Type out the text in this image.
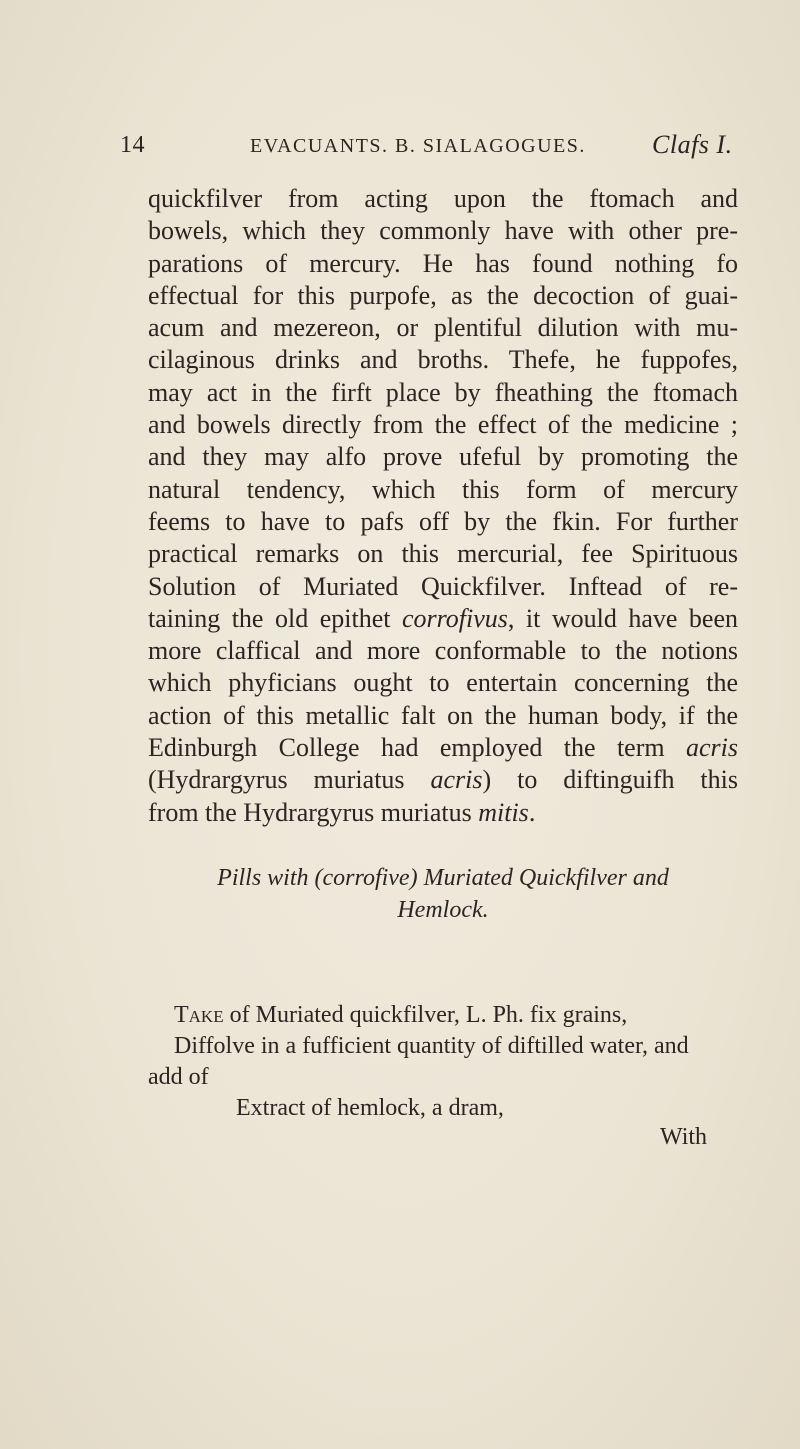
14	EVACUANTS. B. SIALAGOGUES.	Clafs I.
quickfilver from acting upon the ftomach and
bowels, which they commonly have with other pre-
parations of mercury. He has found nothing fo
effectual for this purpofe, as the decoction of guai-
acum and mezereon, or plentiful dilution with mu-
cilaginous drinks and broths. Thefe, he fuppofes,
may act in the firft place by fheathing the ftomach
and bowels directly from the effect of the medicine ;
and they may alfo prove ufeful by promoting the
natural tendency, which this form of mercury
feems to have to pafs off by the fkin. For further
practical remarks on this mercurial, fee Spirituous
Solution of Muriated Quickfilver. Inftead of re-
taining the old epithet corrofivus, it would have been
more claffical and more conformable to the notions
which phyficians ought to entertain concerning the
action of this metallic falt on the human body, if the
Edinburgh College had employed the term acris
(Hydrargyrus muriatus acris) to diftinguifh this
from the Hydrargyrus muriatus mitis.
Pills with (corrofive) Muriated Quickfilver and
Hemlock.
Take of Muriated quickfilver, L. Ph. fix grains,
Diffolve in a fufficient quantity of diftilled water, and
add of
Extract of hemlock, a dram,
With
